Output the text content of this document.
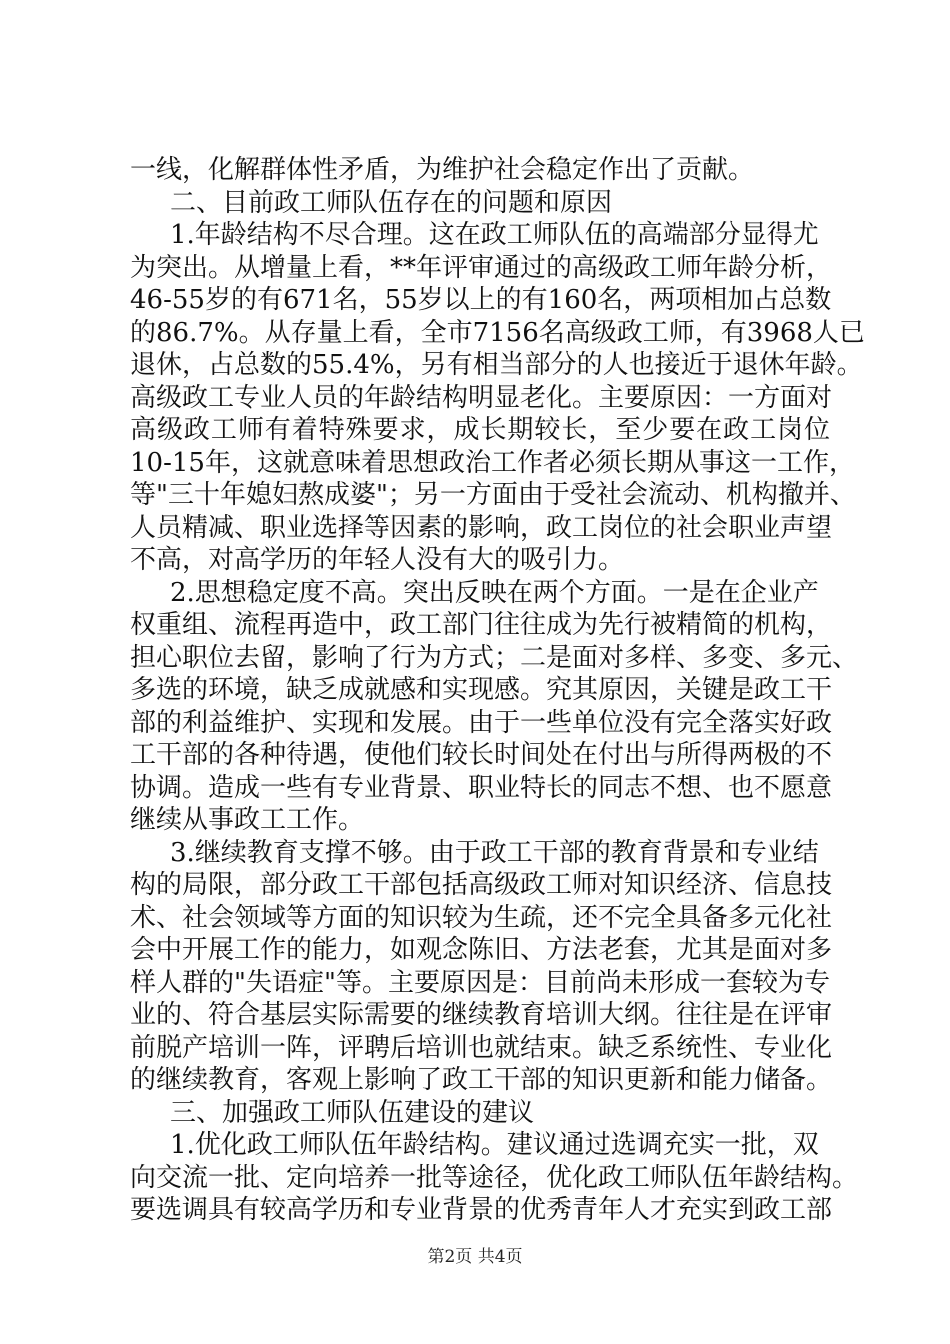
一线，化解群体性矛盾，为维护社会稳定作出了贡献。
二、目前政工师队伍存在的问题和原因
1.年龄结构不尽合理。这在政工师队伍的高端部分显得尤
为突出。从增量上看，**年评审通过的高级政工师年龄分析，
46-55岁的有671名，55岁以上的有160名，两项相加占总数
的86.7%。从存量上看，全市7156名高级政工师，有3968人已
退休，占总数的55.4%，另有相当部分的人也接近于退休年龄。
高级政工专业人员的年龄结构明显老化。主要原因：一方面对
高级政工师有着特殊要求，成长期较长，至少要在政工岗位
10-15年，这就意味着思想政治工作者必须长期从事这一工作，
等"三十年媳妇熬成婆"；另一方面由于受社会流动、机构撤并、
人员精减、职业选择等因素的影响，政工岗位的社会职业声望
不高，对高学历的年轻人没有大的吸引力。
2.思想稳定度不高。突出反映在两个方面。一是在企业产
权重组、流程再造中，政工部门往往成为先行被精简的机构，
担心职位去留，影响了行为方式；二是面对多样、多变、多元、
多选的环境，缺乏成就感和实现感。究其原因，关键是政工干
部的利益维护、实现和发展。由于一些单位没有完全落实好政
工干部的各种待遇，使他们较长时间处在付出与所得两极的不
协调。造成一些有专业背景、职业特长的同志不想、也不愿意
继续从事政工工作。
3.继续教育支撑不够。由于政工干部的教育背景和专业结
构的局限，部分政工干部包括高级政工师对知识经济、信息技
术、社会领域等方面的知识较为生疏，还不完全具备多元化社
会中开展工作的能力，如观念陈旧、方法老套，尤其是面对多
样人群的"失语症"等。主要原因是：目前尚未形成一套较为专
业的、符合基层实际需要的继续教育培训大纲。往往是在评审
前脱产培训一阵，评聘后培训也就结束。缺乏系统性、专业化
的继续教育，客观上影响了政工干部的知识更新和能力储备。
三、加强政工师队伍建设的建议
1.优化政工师队伍年龄结构。建议通过选调充实一批，双
向交流一批、定向培养一批等途径，优化政工师队伍年龄结构。
要选调具有较高学历和专业背景的优秀青年人才充实到政工部
第2页 共4页
